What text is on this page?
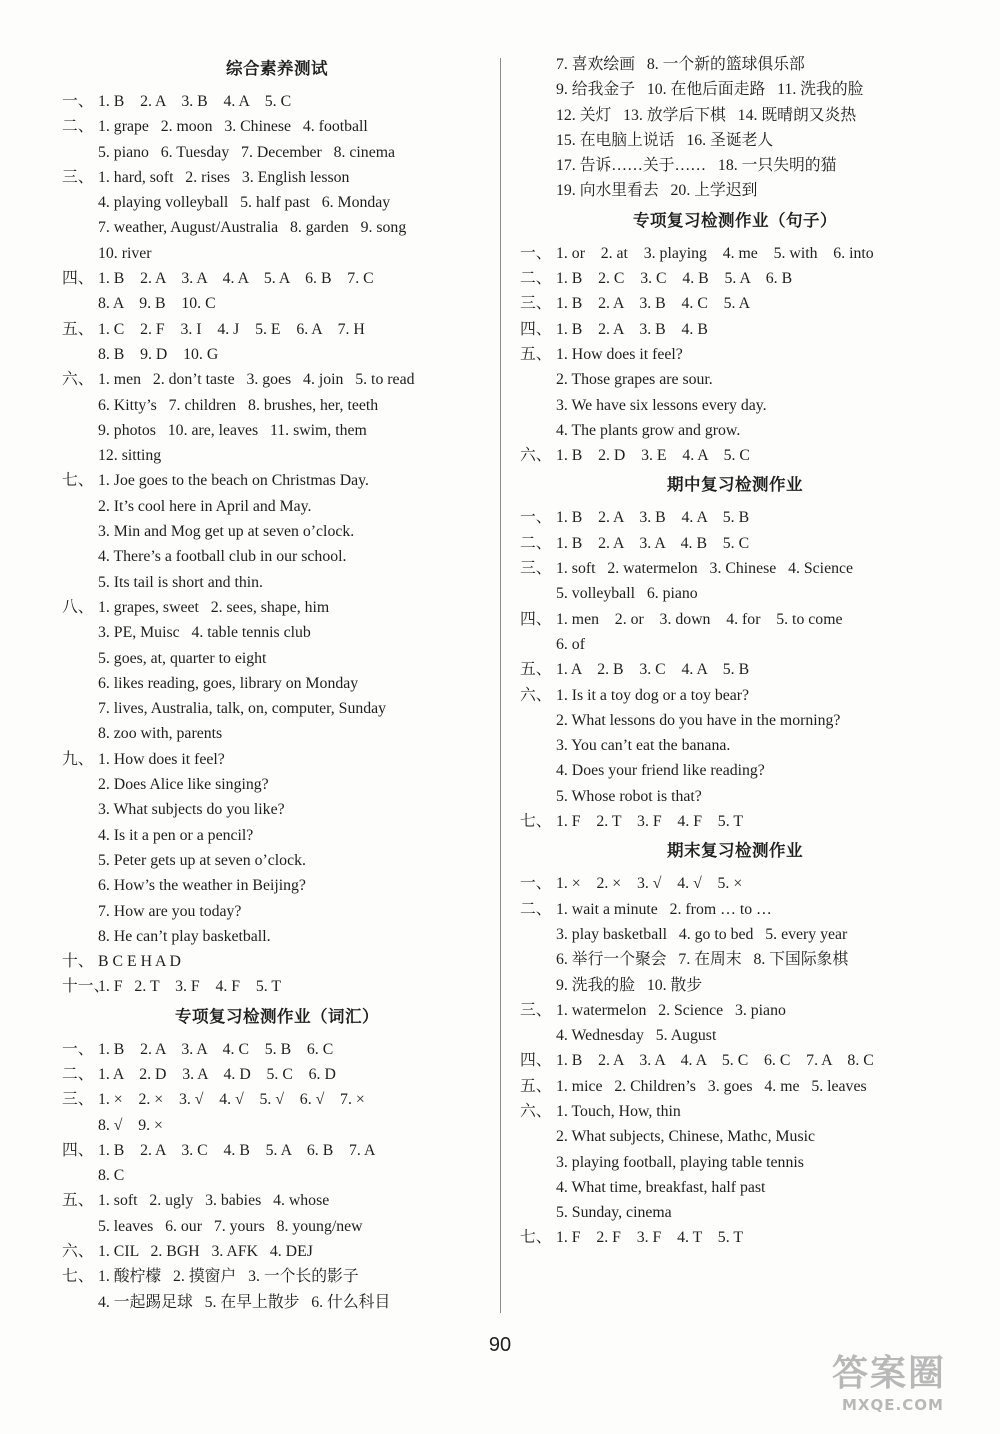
综合素养测试
一、 1. B    2. A    3. B    4. A    5. C
二、 1. grape   2. moon   3. Chinese   4. football
5. piano   6. Tuesday   7. December   8. cinema
三、 1. hard, soft   2. rises   3. English lesson
4. playing volleyball   5. half past   6. Monday
7. weather, August/Australia   8. garden   9. song
10. river
四、 1. B    2. A    3. A    4. A    5. A    6. B    7. C
8. A    9. B    10. C
五、 1. C    2. F    3. I    4. J    5. E    6. A    7. H
8. B    9. D    10. G
六、 1. men   2. don’t taste   3. goes   4. join   5. to read
6. Kitty’s   7. children   8. brushes, her, teeth
9. photos   10. are, leaves   11. swim, them
12. sitting
七、 1. Joe goes to the beach on Christmas Day.
2. It’s cool here in April and May.
3. Min and Mog get up at seven o’clock.
4. There’s a football club in our school.
5. Its tail is short and thin.
八、 1. grapes, sweet   2. sees, shape, him
3. PE, Muisc   4. table tennis club
5. goes, at, quarter to eight
6. likes reading, goes, library on Monday
7. lives, Australia, talk, on, computer, Sunday
8. zoo with, parents
九、 1. How does it feel?
2. Does Alice like singing?
3. What subjects do you like?
4. Is it a pen or a pencil?
5. Peter gets up at seven o’clock.
6. How’s the weather in Beijing?
7. How are you today?
8. He can’t play basketball.
十、 B C E H A D
十一、1. F   2. T    3. F    4. F    5. T
专项复习检测作业（词汇）
一、 1. B    2. A    3. A    4. C    5. B    6. C
二、 1. A    2. D    3. A    4. D    5. C    6. D
三、 1. ×    2. ×    3. √    4. √    5. √    6. √    7. ×
8. √    9. ×
四、 1. B    2. A    3. C    4. B    5. A    6. B    7. A
8. C
五、 1. soft   2. ugly   3. babies   4. whose
5. leaves   6. our   7. yours   8. young/new
六、 1. CIL   2. BGH   3. AFK   4. DEJ
七、 1. 酸柠檬   2. 摸窗户   3. 一个长的影子
4. 一起踢足球   5. 在早上散步   6. 什么科目
7. 喜欢绘画   8. 一个新的篮球俱乐部
9. 给我金子   10. 在他后面走路   11. 洗我的脸
12. 关灯   13. 放学后下棋   14. 既晴朗又炎热
15. 在电脑上说话   16. 圣诞老人
17. 告诉……关于……   18. 一只失明的猫
19. 向水里看去   20. 上学迟到
专项复习检测作业（句子）
一、 1. or    2. at    3. playing    4. me    5. with    6. into
二、 1. B    2. C    3. C    4. B    5. A    6. B
三、 1. B    2. A    3. B    4. C    5. A
四、 1. B    2. A    3. B    4. B
五、 1. How does it feel?
2. Those grapes are sour.
3. We have six lessons every day.
4. The plants grow and grow.
六、 1. B    2. D    3. E    4. A    5. C
期中复习检测作业
一、 1. B    2. A    3. B    4. A    5. B
二、 1. B    2. A    3. A    4. B    5. C
三、 1. soft   2. watermelon   3. Chinese   4. Science
5. volleyball   6. piano
四、 1. men    2. or    3. down    4. for    5. to come
6. of
五、 1. A    2. B    3. C    4. A    5. B
六、 1. Is it a toy dog or a toy bear?
2. What lessons do you have in the morning?
3. You can’t eat the banana.
4. Does your friend like reading?
5. Whose robot is that?
七、 1. F    2. T    3. F    4. F    5. T
期末复习检测作业
一、 1. ×    2. ×    3. √    4. √    5. ×
二、 1. wait a minute   2. from … to …
3. play basketball   4. go to bed   5. every year
6. 举行一个聚会   7. 在周末   8. 下国际象棋
9. 洗我的脸   10. 散步
三、 1. watermelon   2. Science   3. piano
4. Wednesday   5. August
四、 1. B    2. A    3. A    4. A    5. C    6. C    7. A    8. C
五、 1. mice   2. Children’s   3. goes   4. me   5. leaves
六、 1. Touch, How, thin
2. What subjects, Chinese, Mathc, Music
3. playing football, playing table tennis
4. What time, breakfast, half past
5. Sunday, cinema
七、 1. F    2. F    3. F    4. T    5. T
90
答案圈
MXQE.COM
